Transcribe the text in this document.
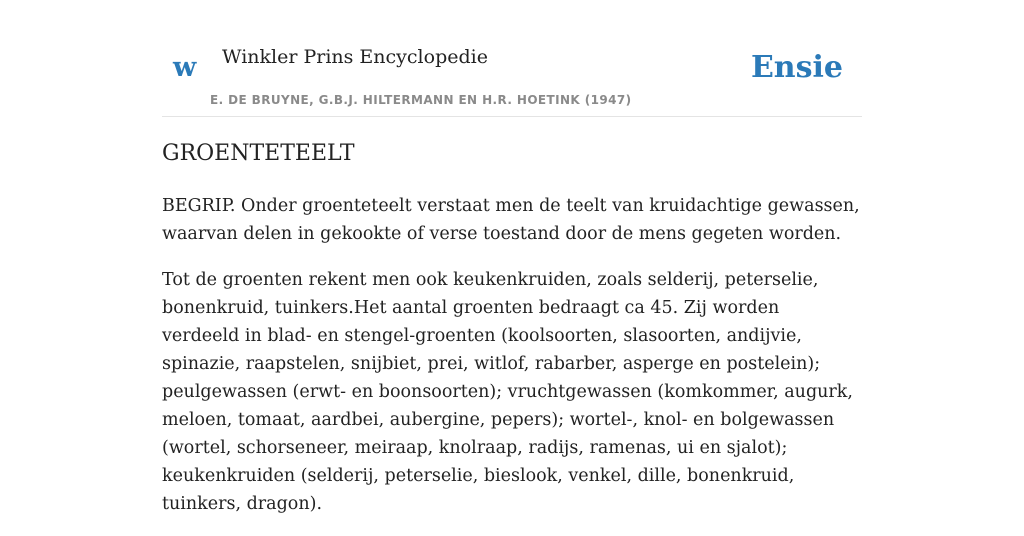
w Winkler Prins Encyclopedie
E. DE BRUYNE, G.B.J. HILTERMANN EN H.R. HOETINK (1947)
Ensie
GROENTETEELT

BEGRIP. Onder groenteteelt verstaat men de teelt van kruidachtige gewassen, waarvan delen in gekookte of verse toestand door de mens gegeten worden.

Tot de groenten rekent men ook keukenkruiden, zoals selderij, peterselie, bonenkruid, tuinkers.Het aantal groenten bedraagt ca 45. Zij worden verdeeld in blad- en stengel-groenten (koolsoorten, slasoorten, andijvie, spinazie, raapstelen, snijbiet, prei, witlof, rabarber, asperge en postelein); peulgewassen (erwt- en boonsoorten); vruchtgewassen (komkommer, augurk, meloen, tomaat, aardbei, aubergine, pepers); wortel-, knol- en bolgewassen (wortel, schorseneer, meiraap, knolraap, radijs, ramenas, ui en sjalot); keukenkruiden (selderij, peterselie, bieslook, venkel, dille, bonenkruid, tuinkers, dragon).
